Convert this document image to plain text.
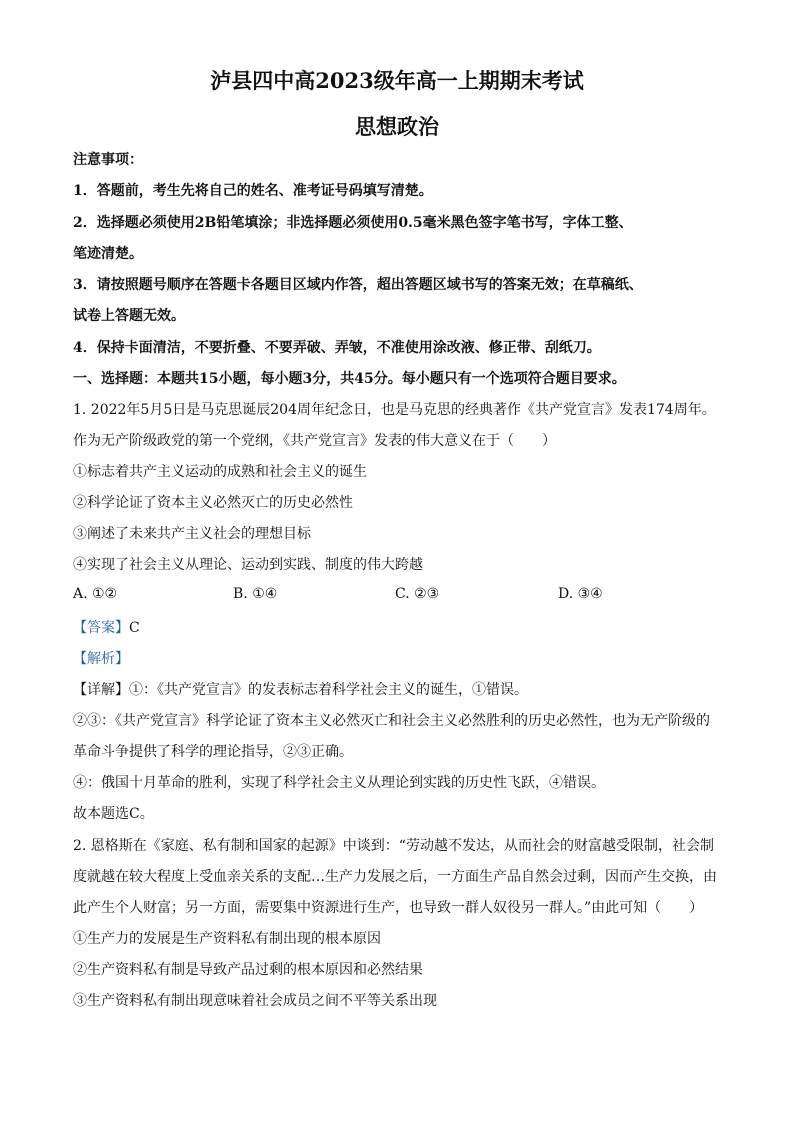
泸县四中高2023级年高一上期期末考试
思想政治
注意事项：
1．答题前，考生先将自己的姓名、准考证号码填写清楚。
2．选择题必须使用2B铅笔填涂；非选择题必须使用0.5毫米黑色签字笔书写，字体工整、
笔迹清楚。
3．请按照题号顺序在答题卡各题目区域内作答，超出答题区域书写的答案无效；在草稿纸、
试卷上答题无效。
4．保持卡面清洁，不要折叠、不要弄破、弄皱，不准使用涂改液、修正带、刮纸刀。
一、选择题：本题共15小题，每小题3分，共45分。每小题只有一个选项符合题目要求。
1. 2022年5月5日是马克思诞辰204周年纪念日，也是马克思的经典著作《共产党宣言》发表174周年。
作为无产阶级政党的第一个党纲，《共产党宣言》发表的伟大意义在于（　　）
①标志着共产主义运动的成熟和社会主义的诞生
②科学论证了资本主义必然灭亡的历史必然性
③阐述了未来共产主义社会的理想目标
④实现了社会主义从理论、运动到实践、制度的伟大跨越
A. ①②	B. ①④	C. ②③	D. ③④
【答案】C
【解析】
【详解】①：《共产党宣言》的发表标志着科学社会主义的诞生，①错误。
②③：《共产党宣言》科学论证了资本主义必然灭亡和社会主义必然胜利的历史必然性，也为无产阶级的
革命斗争提供了科学的理论指导，②③正确。
④：俄国十月革命的胜利，实现了科学社会主义从理论到实践的历史性飞跃，④错误。
故本题选C。
2. 恩格斯在《家庭、私有制和国家的起源》中谈到：“劳动越不发达，从而社会的财富越受限制，社会制
度就越在较大程度上受血亲关系的支配…生产力发展之后，一方面生产品自然会过剩，因而产生交换，由
此产生个人财富；另一方面，需要集中资源进行生产，也导致一群人奴役另一群人。”由此可知（　　）
①生产力的发展是生产资料私有制出现的根本原因
②生产资料私有制是导致产品过剩的根本原因和必然结果
③生产资料私有制出现意味着社会成员之间不平等关系出现
